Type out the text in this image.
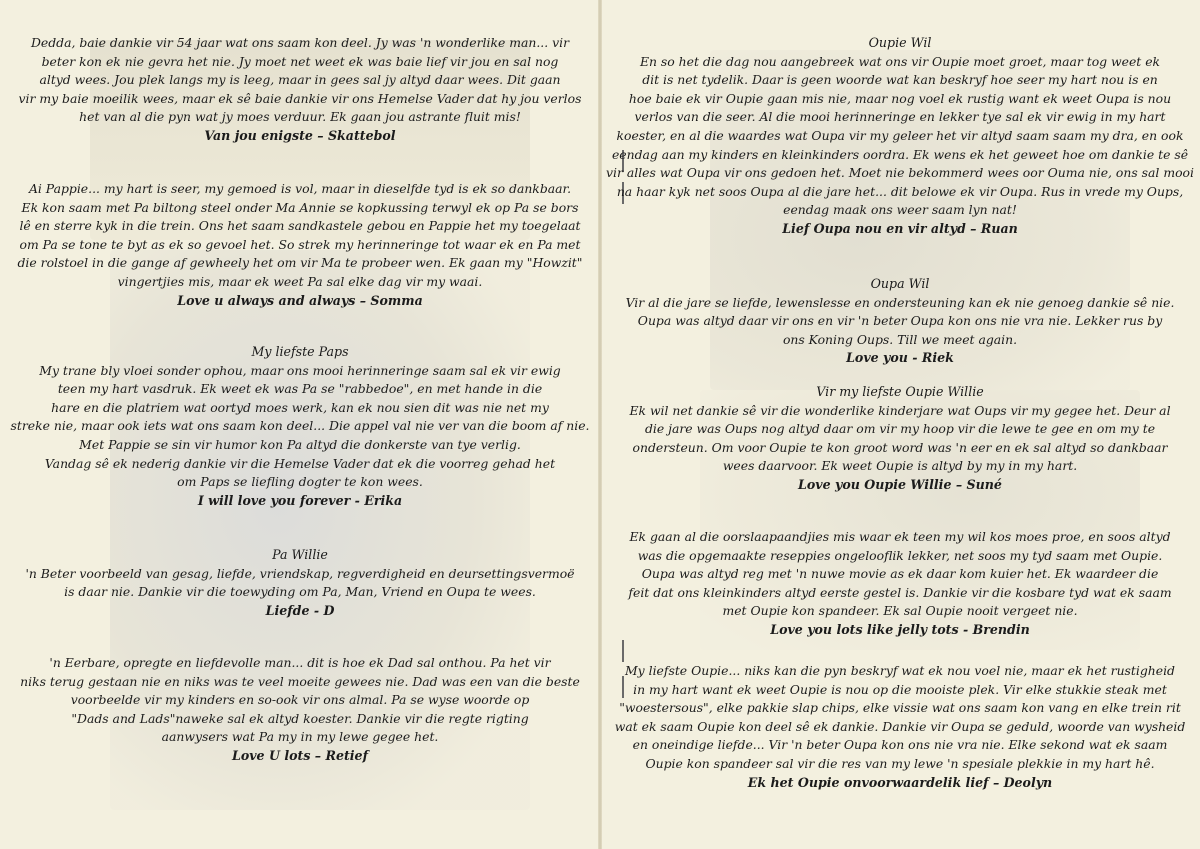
Dedda, baie dankie vir 54 jaar wat ons saam kon deel. Jy was 'n wonderlike man... vir
beter kon ek nie gevra het nie. Jy moet net weet ek was baie lief vir jou en sal nog
altyd wees. Jou plek langs my is leeg, maar in gees sal jy altyd daar wees. Dit gaan
vir my baie moeilik wees, maar ek sê baie dankie vir ons Hemelse Vader dat hy jou verlos
het van al die pyn wat jy moes verduur. Ek gaan jou astrante fluit mis!
Van jou enigste – Skattebol
Ai Pappie... my hart is seer, my gemoed is vol, maar in dieselfde tyd is ek so dankbaar.
Ek kon saam met Pa biltong steel onder Ma Annie se kopkussing terwyl ek op Pa se bors
lê en sterre kyk in die trein. Ons het saam sandkastele gebou en Pappie het my toegelaat
om Pa se tone te byt as ek so gevoel het. So strek my herinneringe tot waar ek en Pa met
die rolstoel in die gange af gewheely het om vir Ma te probeer wen. Ek gaan my "Howzit"
vingertjies mis, maar ek weet Pa sal elke dag vir my waai.
Love u always and always – Somma
My liefste Paps
My trane bly vloei sonder ophou, maar ons mooi herinneringe saam sal ek vir ewig
teen my hart vasdruk. Ek weet ek was Pa se "rabbedoe", en met hande in die
hare en die platriem wat oortyd moes werk, kan ek nou sien dit was nie net my
streke nie, maar ook iets wat ons saam kon deel... Die appel val nie ver van die boom af nie.
Met Pappie se sin vir humor kon Pa altyd die donkerste van tye verlig.
Vandag sê ek nederig dankie vir die Hemelse Vader dat ek die voorreg gehad het
om Paps se liefling dogter te kon wees.
I will love you forever - Erika
Pa Willie
'n Beter voorbeeld van gesag, liefde, vriendskap, regverdigheid en deursettingsvermoë
is daar nie. Dankie vir die toewyding om Pa, Man, Vriend en Oupa te wees.
Liefde - D
'n Eerbare, opregte en liefdevolle man... dit is hoe ek Dad sal onthou. Pa het vir
niks terug gestaan nie en niks was te veel moeite gewees nie. Dad was een van die beste
voorbeelde vir my kinders en so-ook vir ons almal. Pa se wyse woorde op
"Dads and Lads"naweke sal ek altyd koester. Dankie vir die regte rigting
aanwysers wat Pa my in my lewe gegee het.
Love U lots – Retief
Oupie Wil
En so het die dag nou aangebreek wat ons vir Oupie moet groet, maar tog weet ek
dit is net tydelik. Daar is geen woorde wat kan beskryf hoe seer my hart nou is en
hoe baie ek vir Oupie gaan mis nie, maar nog voel ek rustig want ek weet Oupa is nou
verlos van die seer. Al die mooi herinneringe en lekker tye sal ek vir ewig in my hart
koester, en al die waardes wat Oupa vir my geleer het vir altyd saam saam my dra, en ook
eendag aan my kinders en kleinkinders oordra. Ek wens ek het geweet hoe om dankie te sê
vir alles wat Oupa vir ons gedoen het. Moet nie bekommerd wees oor Ouma nie, ons sal mooi
na haar kyk net soos Oupa al die jare het... dit belowe ek vir Oupa. Rus in vrede my Oups,
eendag maak ons weer saam lyn nat!
Lief Oupa nou en vir altyd – Ruan
Oupa Wil
Vir al die jare se liefde, lewenslesse en ondersteuning kan ek nie genoeg dankie sê nie.
Oupa was altyd daar vir ons en vir 'n beter Oupa kon ons nie vra nie. Lekker rus by
ons Koning Oups. Till we meet again.
Love you - Riek
Vir my liefste Oupie Willie
Ek wil net dankie sê vir die wonderlike kinderjare wat Oups vir my gegee het. Deur al
die jare was Oups nog altyd daar om vir my hoop vir die lewe te gee en om my te
ondersteun. Om voor Oupie te kon groot word was 'n eer en ek sal altyd so dankbaar
wees daarvoor. Ek weet Oupie is altyd by my in my hart.
Love you Oupie Willie – Suné
Ek gaan al die oorslaapaandjies mis waar ek teen my wil kos moes proe, en soos altyd
was die opgemaakte reseppies ongelooflik lekker, net soos my tyd saam met Oupie.
Oupa was altyd reg met 'n nuwe movie as ek daar kom kuier het. Ek waardeer die
feit dat ons kleinkinders altyd eerste gestel is. Dankie vir die kosbare tyd wat ek saam
met Oupie kon spandeer. Ek sal Oupie nooit vergeet nie.
Love you lots like jelly tots - Brendin
My liefste Oupie... niks kan die pyn beskryf wat ek nou voel nie, maar ek het rustigheid
in my hart want ek weet Oupie is nou op die mooiste plek. Vir elke stukkie steak met
"woestersous", elke pakkie slap chips, elke vissie wat ons saam kon vang en elke trein rit
wat ek saam Oupie kon deel sê ek dankie. Dankie vir Oupa se geduld, woorde van wysheid
en oneindige liefde... Vir 'n beter Oupa kon ons nie vra nie. Elke sekond wat ek saam
Oupie kon spandeer sal vir die res van my lewe 'n spesiale plekkie in my hart hê.
Ek het Oupie onvoorwaardelik lief – Deolyn
